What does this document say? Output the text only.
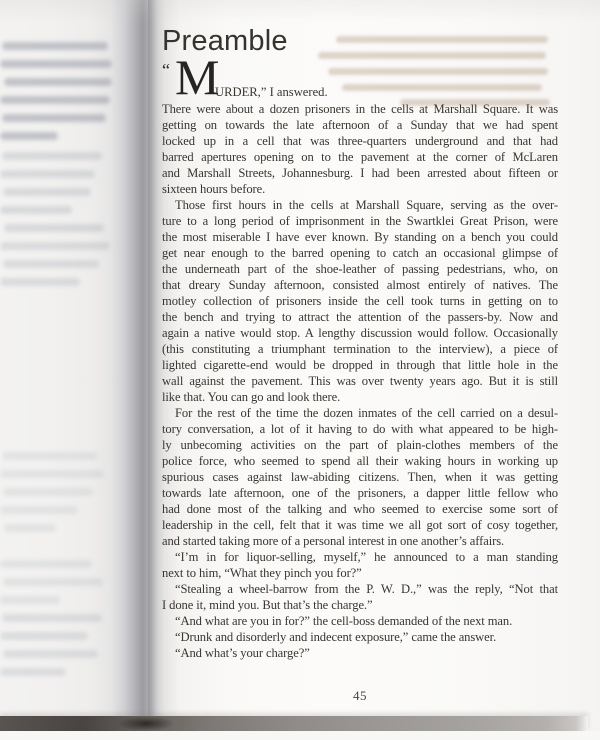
Preamble
“ M
URDER,” I answered.
There were about a dozen prisoners in the cells at Marshall Square. It was
getting on towards the late afternoon of a Sunday that we had spent
locked up in a cell that was three-quarters underground and that had
barred apertures opening on to the pavement at the corner of McLaren
and Marshall Streets, Johannesburg. I had been arrested about fifteen or
sixteen hours before.
Those first hours in the cells at Marshall Square, serving as the over-
ture to a long period of imprisonment in the Swartklei Great Prison, were
the most miserable I have ever known. By standing on a bench you could
get near enough to the barred opening to catch an occasional glimpse of
the underneath part of the shoe-leather of passing pedestrians, who, on
that dreary Sunday afternoon, consisted almost entirely of natives. The
motley collection of prisoners inside the cell took turns in getting on to
the bench and trying to attract the attention of the passers-by. Now and
again a native would stop. A lengthy discussion would follow. Occasionally
(this constituting a triumphant termination to the interview), a piece of
lighted cigarette-end would be dropped in through that little hole in the
wall against the pavement. This was over twenty years ago. But it is still
like that. You can go and look there.
For the rest of the time the dozen inmates of the cell carried on a desul-
tory conversation, a lot of it having to do with what appeared to be high-
ly unbecoming activities on the part of plain-clothes members of the
police force, who seemed to spend all their waking hours in working up
spurious cases against law-abiding citizens. Then, when it was getting
towards late afternoon, one of the prisoners, a dapper little fellow who
had done most of the talking and who seemed to exercise some sort of
leadership in the cell, felt that it was time we all got sort of cosy together,
and started taking more of a personal interest in one another’s affairs.
“I’m in for liquor-selling, myself,” he announced to a man standing
next to him, “What they pinch you for?”
“Stealing a wheel-barrow from the P. W. D.,” was the reply, “Not that
I done it, mind you. But that’s the charge.”
“And what are you in for?” the cell-boss demanded of the next man.
“Drunk and disorderly and indecent exposure,” came the answer.
“And what’s your charge?”
45
